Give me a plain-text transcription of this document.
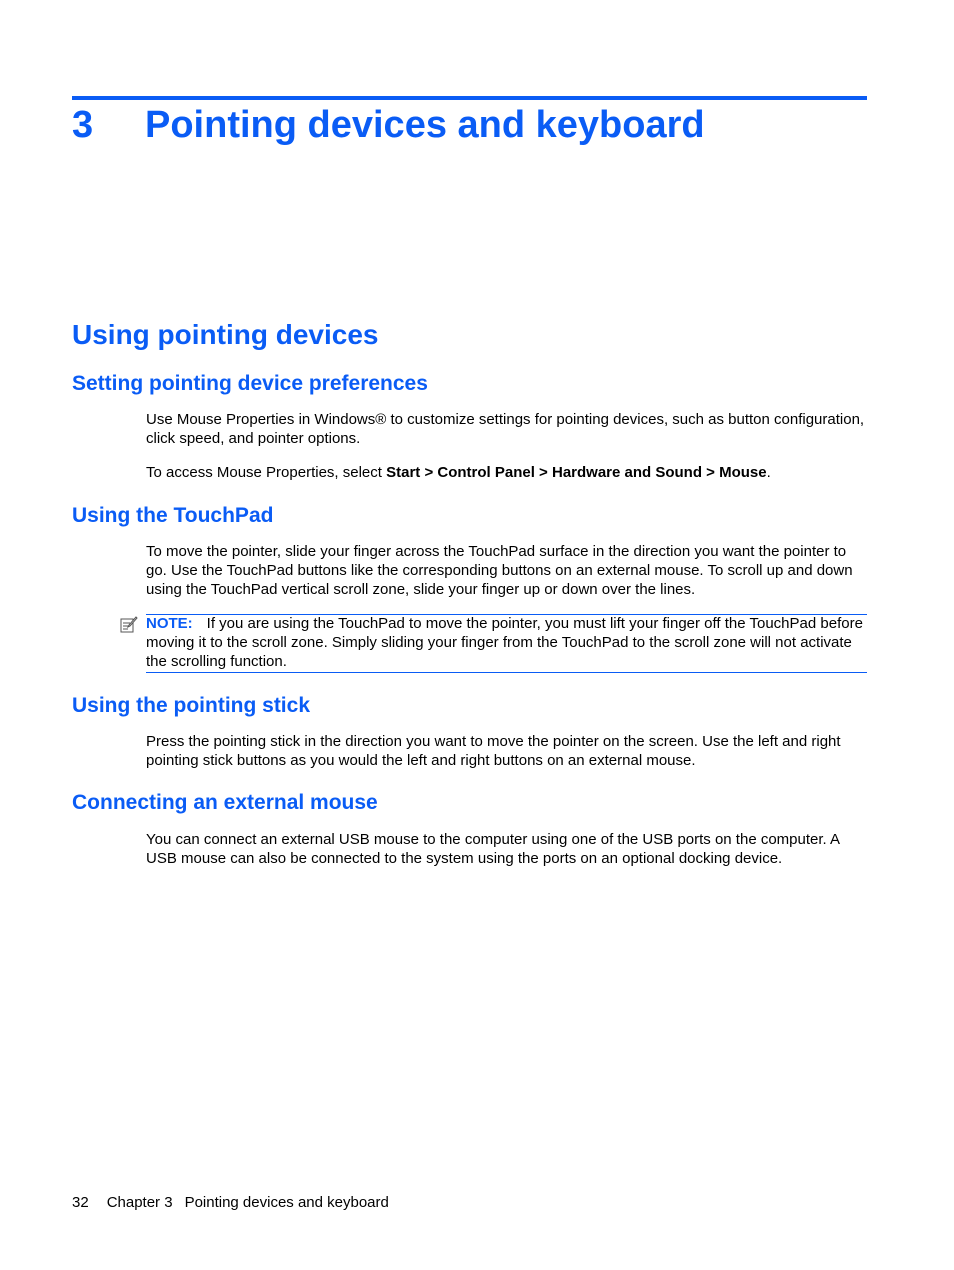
3 Pointing devices and keyboard
Using pointing devices
Setting pointing device preferences

Use Mouse Properties in Windows® to customize settings for pointing devices, such as button configuration, click speed, and pointer options.

To access Mouse Properties, select Start > Control Panel > Hardware and Sound > Mouse.

Using the TouchPad

To move the pointer, slide your finger across the TouchPad surface in the direction you want the pointer to go. Use the TouchPad buttons like the corresponding buttons on an external mouse. To scroll up and down using the TouchPad vertical scroll zone, slide your finger up or down over the lines.

NOTE: If you are using the TouchPad to move the pointer, you must lift your finger off the TouchPad before moving it to the scroll zone. Simply sliding your finger from the TouchPad to the scroll zone will not activate the scrolling function.

Using the pointing stick

Press the pointing stick in the direction you want to move the pointer on the screen. Use the left and right pointing stick buttons as you would the left and right buttons on an external mouse.

Connecting an external mouse

You can connect an external USB mouse to the computer using one of the USB ports on the computer. A USB mouse can also be connected to the system using the ports on an optional docking device.

32 Chapter 3 Pointing devices and keyboard
